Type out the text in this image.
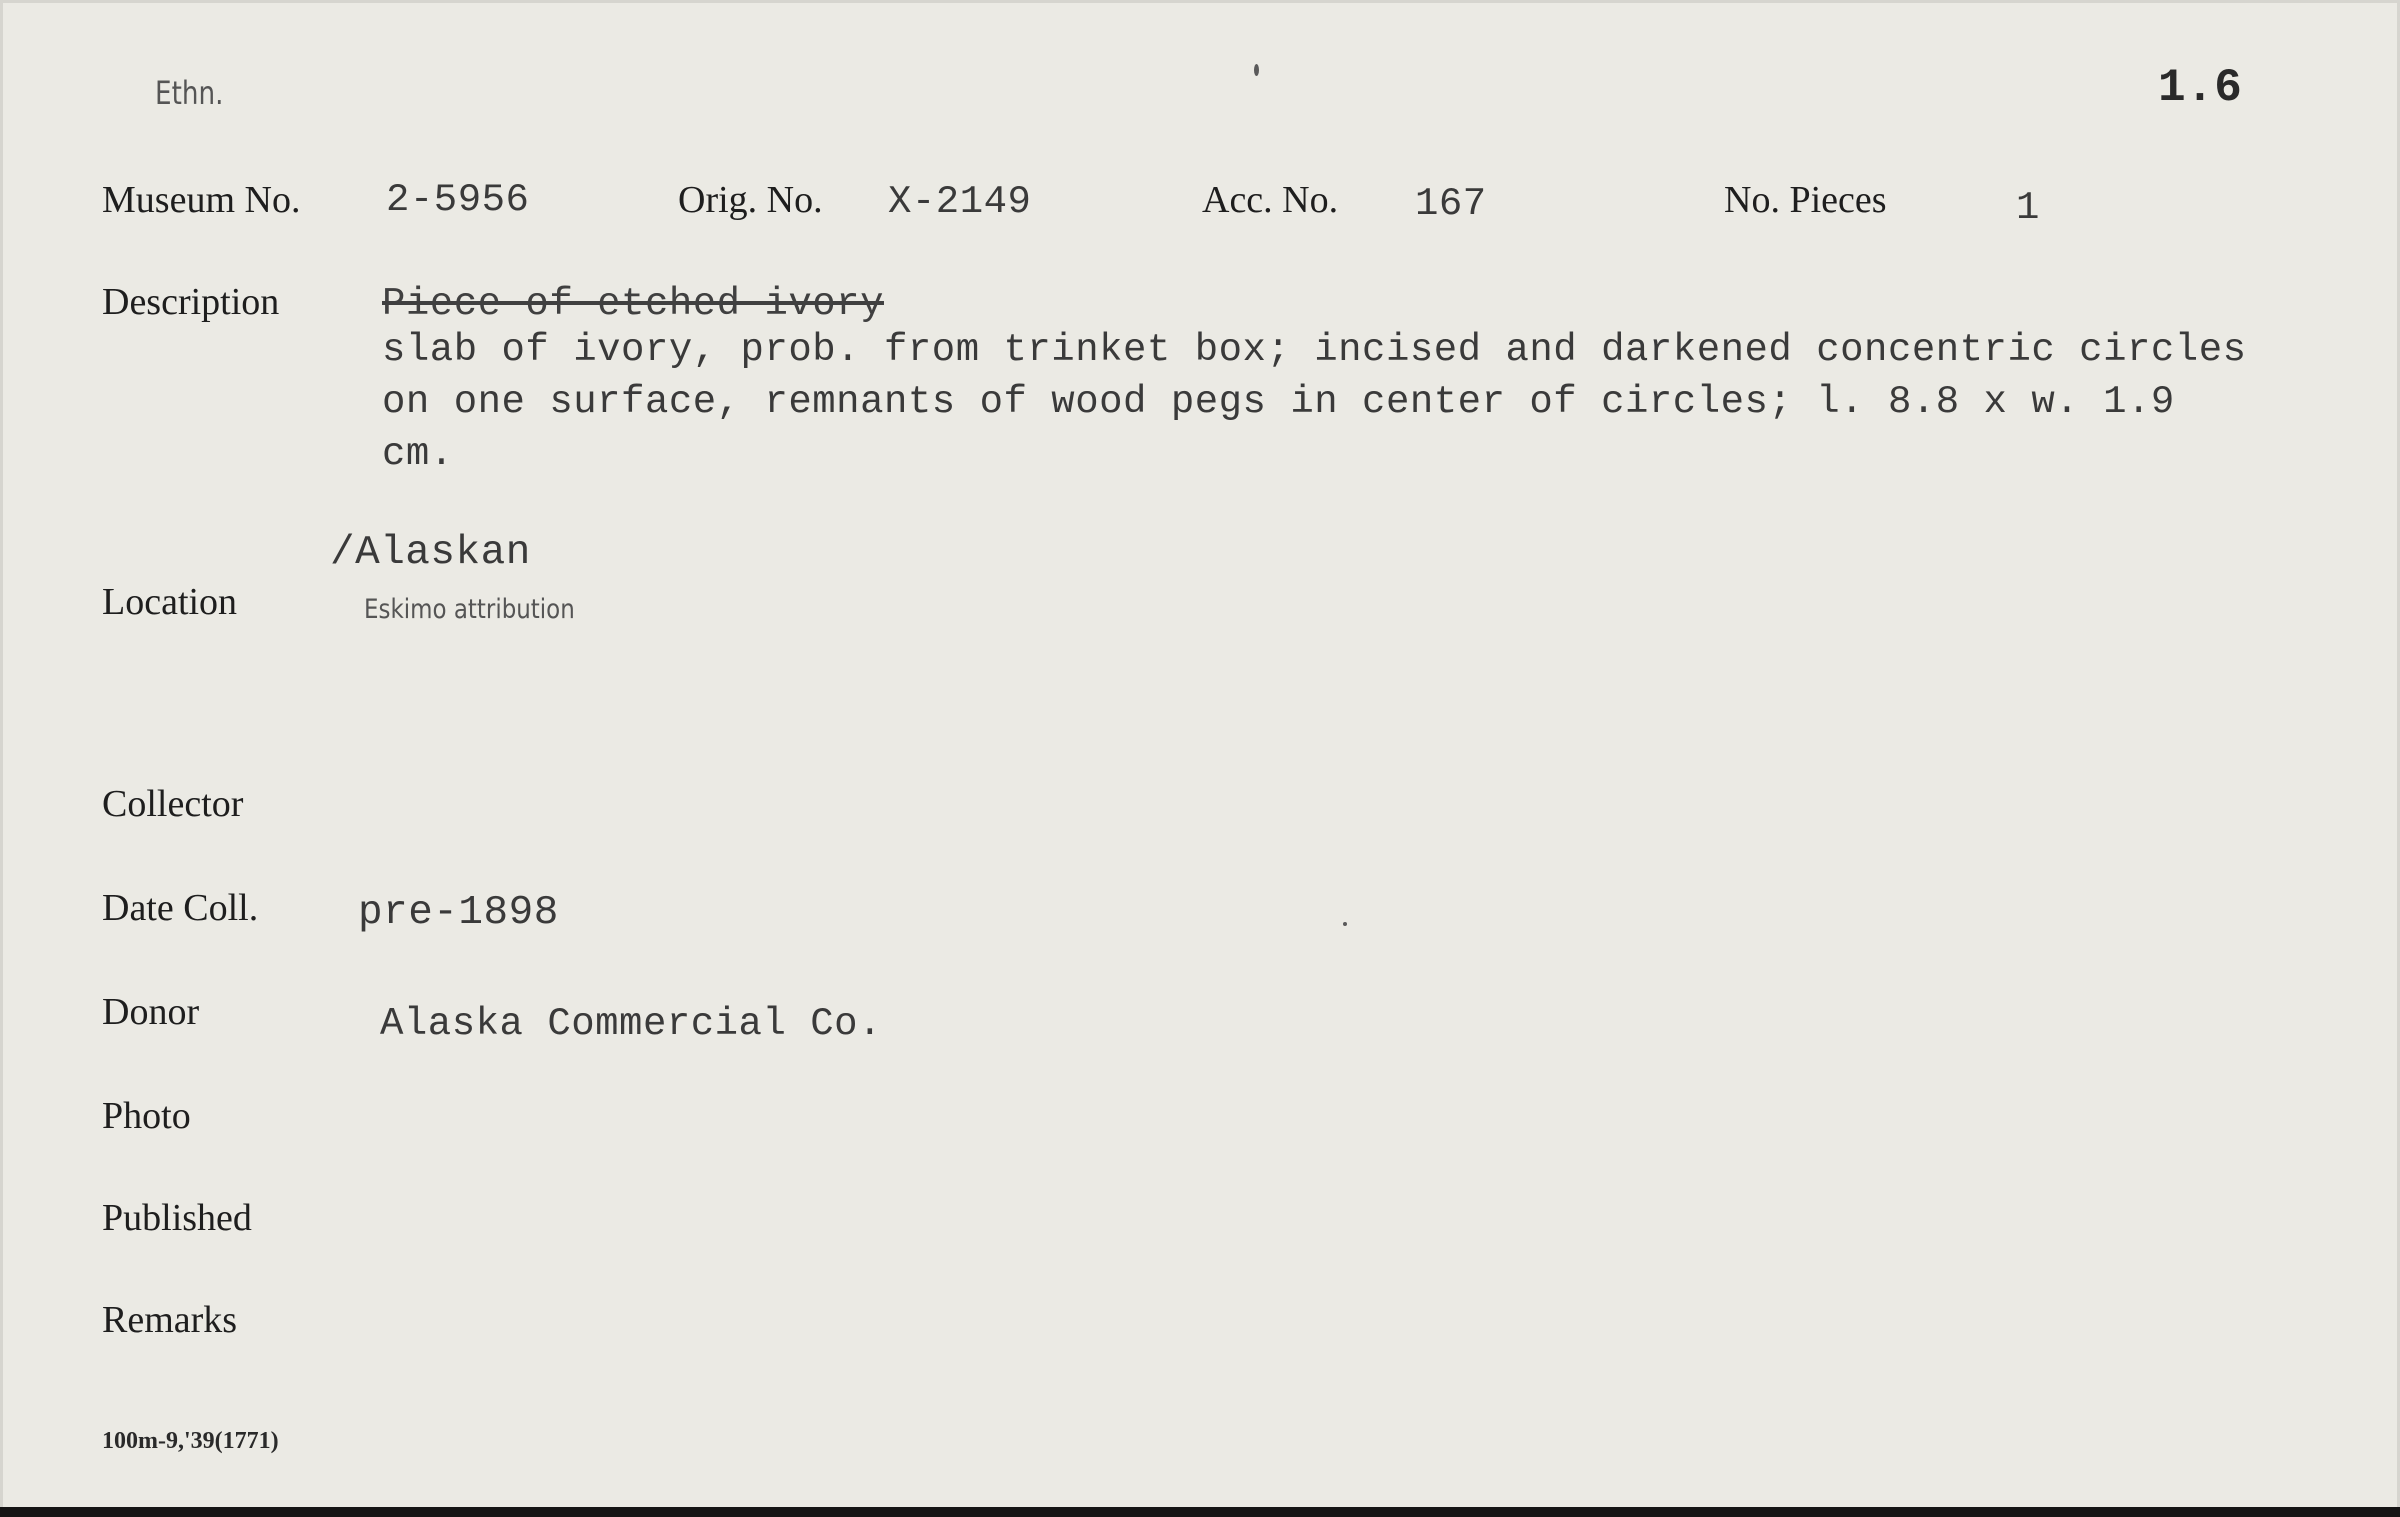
Ethn.	1.6
Museum No. 2-5956	Orig. No. X-2149	Acc. No. 167	No. Pieces	1
Description	Piece of etched ivory
slab of ivory, prob. from trinket box; incised and darkened concentric circles
on one surface, remnants of wood pegs in center of circles; l. 8.8 x w. 1.9
cm.
/Alaskan
Eskimo attribution
Location
Collector
Date Coll. pre-1898
Donor	Alaska Commercial Co.
Photo
Published
Remarks
100m-9,'39(1771)
